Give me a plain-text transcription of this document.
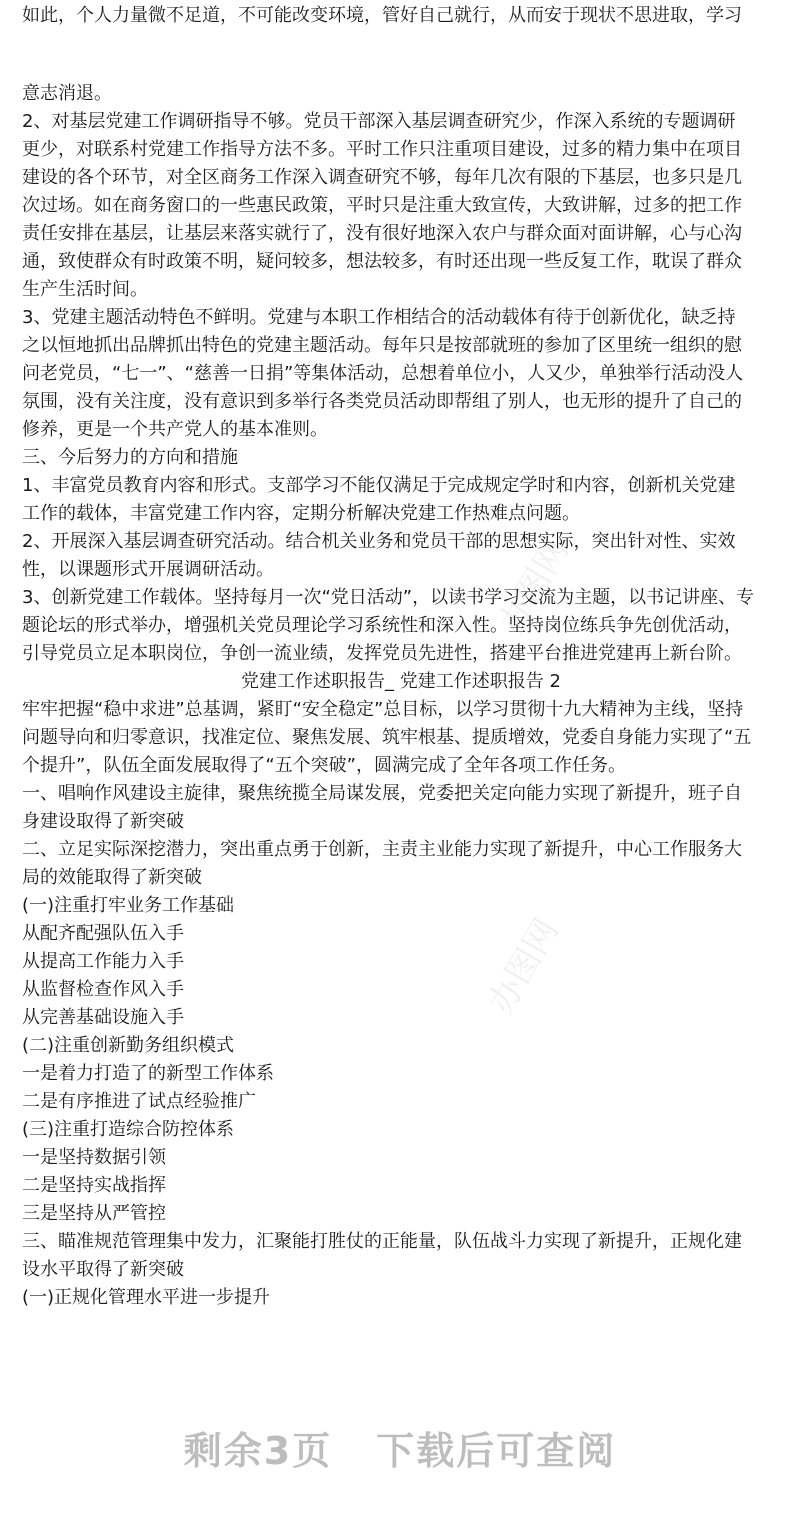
办图网
办图网

如此，个人力量微不足道，不可能改变环境，管好自己就行，从而安于现状不思进取，学习

意志消退。

2、对基层党建工作调研指导不够。党员干部深入基层调查研究少，作深入系统的专题调研

更少，对联系村党建工作指导方法不多。平时工作只注重项目建设，过多的精力集中在项目

建设的各个环节，对全区商务工作深入调查研究不够，每年几次有限的下基层，也多只是几

次过场。如在商务窗口的一些惠民政策，平时只是注重大致宣传，大致讲解，过多的把工作

责任安排在基层，让基层来落实就行了，没有很好地深入农户与群众面对面讲解，心与心沟

通，致使群众有时政策不明，疑问较多，想法较多，有时还出现一些反复工作，耽误了群众

生产生活时间。

3、党建主题活动特色不鲜明。党建与本职工作相结合的活动载体有待于创新优化，缺乏持

之以恒地抓出品牌抓出特色的党建主题活动。每年只是按部就班的参加了区里统一组织的慰

问老党员，“七一”、“慈善一日捐”等集体活动，总想着单位小，人又少，单独举行活动没人

氛围，没有关注度，没有意识到多举行各类党员活动即帮组了别人，也无形的提升了自己的

修养，更是一个共产党人的基本准则。

三、今后努力的方向和措施

1、丰富党员教育内容和形式。支部学习不能仅满足于完成规定学时和内容，创新机关党建

工作的载体，丰富党建工作内容，定期分析解决党建工作热难点问题。

2、开展深入基层调查研究活动。结合机关业务和党员干部的思想实际，突出针对性、实效

性，以课题形式开展调研活动。

3、创新党建工作载体。坚持每月一次“党日活动”，以读书学习交流为主题，以书记讲座、专

题论坛的形式举办，增强机关党员理论学习系统性和深入性。坚持岗位练兵争先创优活动，

引导党员立足本职岗位，争创一流业绩，发挥党员先进性，搭建平台推进党建再上新台阶。

党建工作述职报告_ 党建工作述职报告 2

牢牢把握“稳中求进”总基调，紧盯“安全稳定”总目标，以学习贯彻十九大精神为主线，坚持

问题导向和归零意识，找准定位、聚焦发展、筑牢根基、提质增效，党委自身能力实现了“五

个提升”，队伍全面发展取得了“五个突破”，圆满完成了全年各项工作任务。

一、唱响作风建设主旋律，聚焦统揽全局谋发展，党委把关定向能力实现了新提升，班子自

身建设取得了新突破

二、立足实际深挖潜力，突出重点勇于创新，主责主业能力实现了新提升，中心工作服务大

局的效能取得了新突破

(一)注重打牢业务工作基础

从配齐配强队伍入手

从提高工作能力入手

从监督检查作风入手

从完善基础设施入手

(二)注重创新勤务组织模式

一是着力打造了的新型工作体系

二是有序推进了试点经验推广

(三)注重打造综合防控体系

一是坚持数据引领

二是坚持实战指挥

三是坚持从严管控

三、瞄准规范管理集中发力，汇聚能打胜仗的正能量，队伍战斗力实现了新提升，正规化建

设水平取得了新突破

(一)正规化管理水平进一步提升

剩余3页 下载后可查阅
